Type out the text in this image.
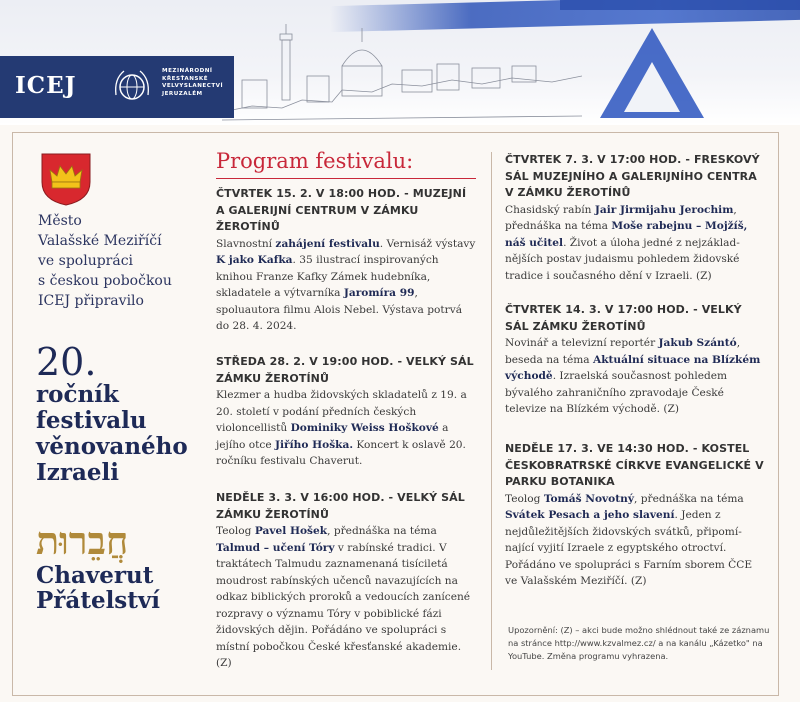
ICEJ
MEZINÁRODNÍ
KŘESŤANSKÉ
VELVYSLANECTVÍ
JERUZALÉM
Město
Valašské Meziříčí
ve spolupráci
s českou pobočkou
ICEJ připravilo
20.
ročník
festivalu
věnovaného
Izraeli
חֲבֵרוּת
Chaverut
Přátelství
Program festivalu:
ČTVRTEK 15. 2. V 18:00 HOD. - MUZEJNÍ A GALERIJNÍ CENTRUM V ZÁMKU ŽEROTÍNŮ
Slavnostní zahájení festivalu. Vernisáž výstavy K jako Kafka. 35 ilustrací inspirovaných knihou Franze Kafky Zámek hudebníka, skladatele a výtvarníka Jaromíra 99, spoluautora filmu Alois Nebel. Výstava potrvá do 28. 4. 2024.
STŘEDA 28. 2. V 19:00 HOD. - VELKÝ SÁL ZÁMKU ŽEROTÍNŮ
Klezmer a hudba židovských skladatelů z 19. a 20. století v podání předních českých violoncellistů Dominiky Weiss Hoškové a jejího otce Jiřího Hoška. Koncert k oslavě 20. ročníku festivalu Chaverut.
NEDĚLE 3. 3. V 16:00 HOD. - VELKÝ SÁL ZÁMKU ŽEROTÍNŮ
Teolog Pavel Hošek, přednáška na téma Talmud – učení Tóry v rabínské tradici. V traktátech Talmudu zaznamenaná tisíciletá moudrost rabínských učenců navazujících na odkaz biblických proroků a vedoucích zanícené rozpravy o významu Tóry v pobiblické fázi židovských dějin. Pořádáno ve spolupráci s místní pobočkou České křesťanské akademie. (Z)
ČTVRTEK 7. 3. V 17:00 HOD. - FRESKOVÝ SÁL MUZEJNÍHO A GALERIJNÍHO CENTRA V ZÁMKU ŽEROTÍNŮ
Chasidský rabín Jair Jirmijahu Jerochim, přednáška na téma Moše rabejnu – Mojžíš, náš učitel. Život a úloha jedné z nejzáklad-nějších postav judaismu pohledem židovské tradice i současného dění v Izraeli. (Z)
ČTVRTEK 14. 3. V 17:00 HOD. - VELKÝ SÁL ZÁMKU ŽEROTÍNŮ
Novinář a televizní reportér Jakub Szántó, beseda na téma Aktuální situace na Blízkém východě. Izraelská současnost pohledem bývalého zahraničního zpravodaje České televize na Blízkém východě. (Z)
NEDĚLE 17. 3. VE 14:30 HOD. - KOSTEL ČESKOBRATRSKÉ CÍRKVE EVANGELICKÉ V PARKU BOTANIKA
Teolog Tomáš Novotný, přednáška na téma Svátek Pesach a jeho slavení. Jeden z nejdůležitějších židovských svátků, připomí-nající vyjití Izraele z egyptského otroctví. Pořádáno ve spolupráci s Farním sborem ČCE ve Valašském Meziříčí. (Z)
Upozornění: (Z) – akci bude možno shlédnout také ze záznamu na stránce http://www.kzvalmez.cz/ a na kanálu „Kázetko" na YouTube. Změna programu vyhrazena.
